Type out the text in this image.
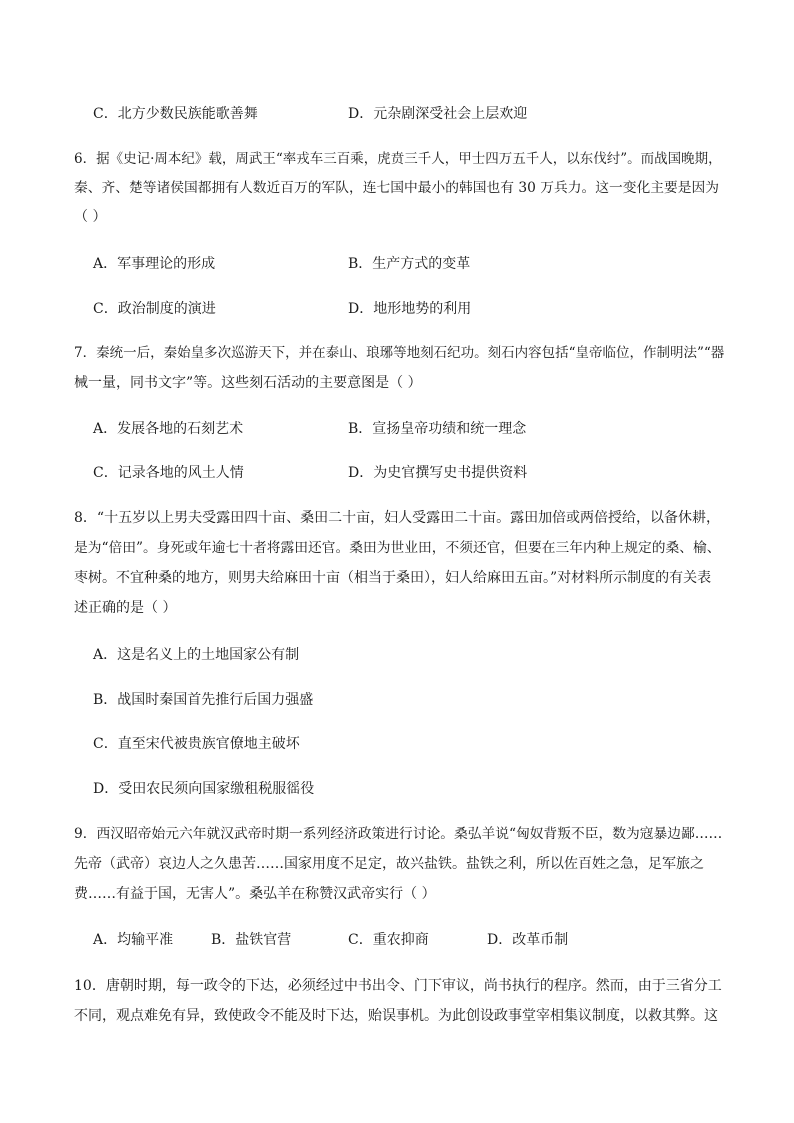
C．北方少数民族能歌善舞	D．元杂剧深受社会上层欢迎
6．据《史记·周本纪》载，周武王“率戎车三百乘，虎贲三千人，甲士四万五千人，以东伐纣”。而战国晚期，
秦、齐、楚等诸侯国都拥有人数近百万的军队，连七国中最小的韩国也有 30 万兵力。这一变化主要是因为
（ ）
A．军事理论的形成	B．生产方式的变革
C．政治制度的演进	D．地形地势的利用
7．秦统一后，秦始皇多次巡游天下，并在泰山、琅琊等地刻石纪功。刻石内容包括“皇帝临位，作制明法”“器
械一量，同书文字”等。这些刻石活动的主要意图是（ ）
A．发展各地的石刻艺术	B．宣扬皇帝功绩和统一理念
C．记录各地的风土人情	D．为史官撰写史书提供资料
8．“十五岁以上男夫受露田四十亩、桑田二十亩，妇人受露田二十亩。露田加倍或两倍授给，以备休耕，
是为“倍田”。身死或年逾七十者将露田还官。桑田为世业田，不须还官，但要在三年内种上规定的桑、榆、
枣树。不宜种桑的地方，则男夫给麻田十亩（相当于桑田），妇人给麻田五亩。”对材料所示制度的有关表
述正确的是（ ）
A．这是名义上的土地国家公有制
B．战国时秦国首先推行后国力强盛
C．直至宋代被贵族官僚地主破坏
D．受田农民须向国家缴租税服徭役
9．西汉昭帝始元六年就汉武帝时期一系列经济政策进行讨论。桑弘羊说“匈奴背叛不臣，数为寇暴边鄙……
先帝（武帝）哀边人之久患苦……国家用度不足定，故兴盐铁。盐铁之利，所以佐百姓之急，足军旅之
费……有益于国，无害人”。桑弘羊在称赞汉武帝实行（ ）
A．均输平准	B．盐铁官营	C．重农抑商	D．改革币制
10．唐朝时期，每一政令的下达，必须经过中书出令、门下审议，尚书执行的程序。然而，由于三省分工
不同，观点难免有异，致使政令不能及时下达，贻误事机。为此创设政事堂宰相集议制度，以救其弊。这
